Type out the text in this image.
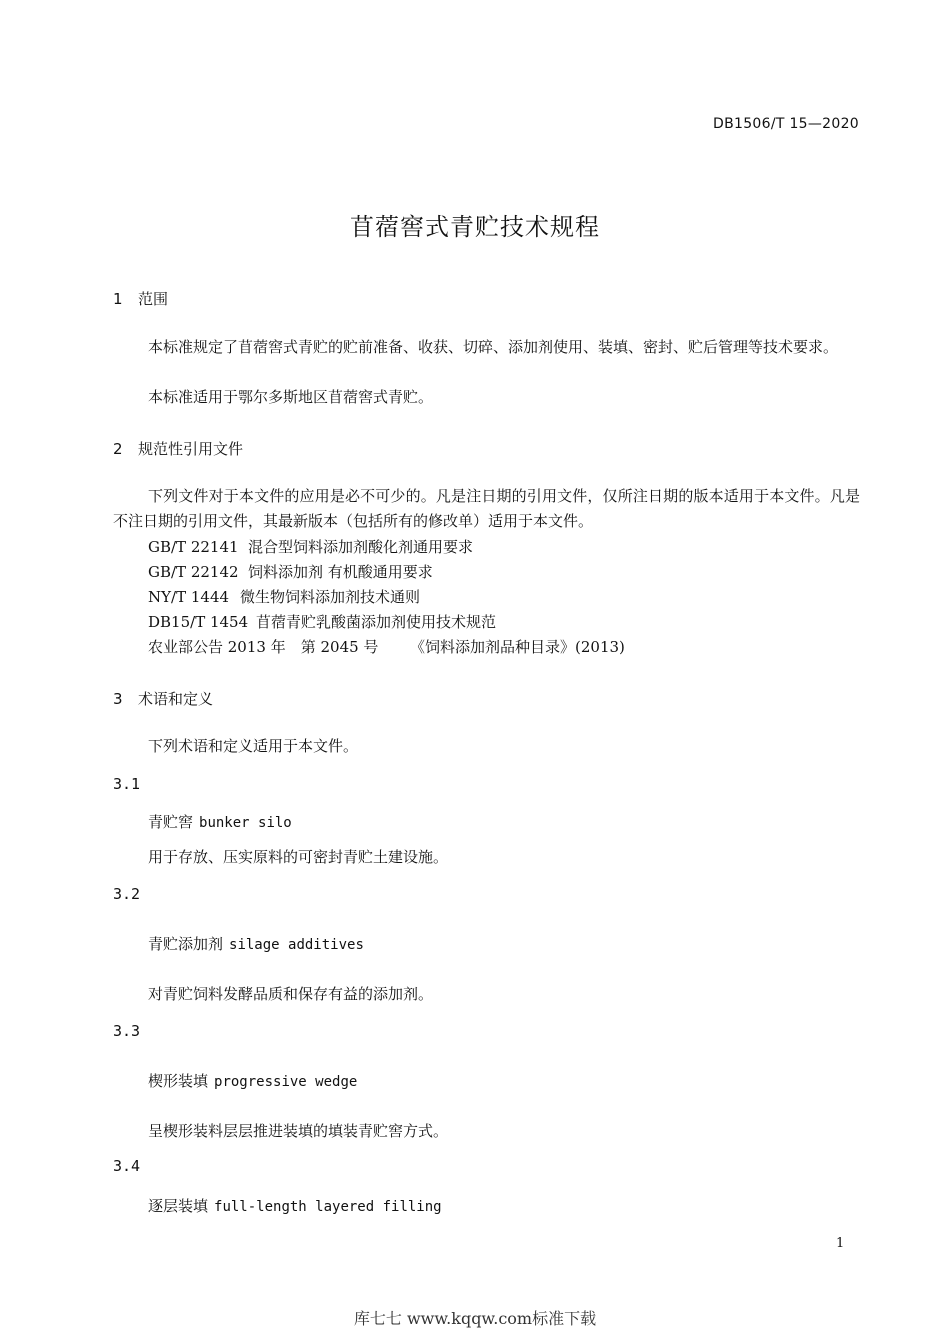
DB1506/T 15—2020
苜蓿窖式青贮技术规程
1 范围
本标准规定了苜蓿窖式青贮的贮前准备、收获、切碎、添加剂使用、装填、密封、贮后管理等技术要求。
本标准适用于鄂尔多斯地区苜蓿窖式青贮。
2 规范性引用文件
下列文件对于本文件的应用是必不可少的。凡是注日期的引用文件，仅所注日期的版本适用于本文件。凡是不注日期的引用文件，其最新版本（包括所有的修改单）适用于本文件。
GB/T 22141 混合型饲料添加剂酸化剂通用要求
GB/T 22142 饲料添加剂 有机酸通用要求
NY/T 1444 微生物饲料添加剂技术通则
DB15/T 1454 苜蓿青贮乳酸菌添加剂使用技术规范
农业部公告 2013 年　第 2045 号 《饲料添加剂品种目录》(2013)
3 术语和定义
下列术语和定义适用于本文件。
3.1
青贮窖 bunker silo
用于存放、压实原料的可密封青贮土建设施。
3.2
青贮添加剂 silage additives
对青贮饲料发酵品质和保存有益的添加剂。
3.3
楔形装填 progressive wedge
呈楔形装料层层推进装填的填装青贮窖方式。
3.4
逐层装填 full-length layered filling
1
库七七 www.kqqw.com标准下载
